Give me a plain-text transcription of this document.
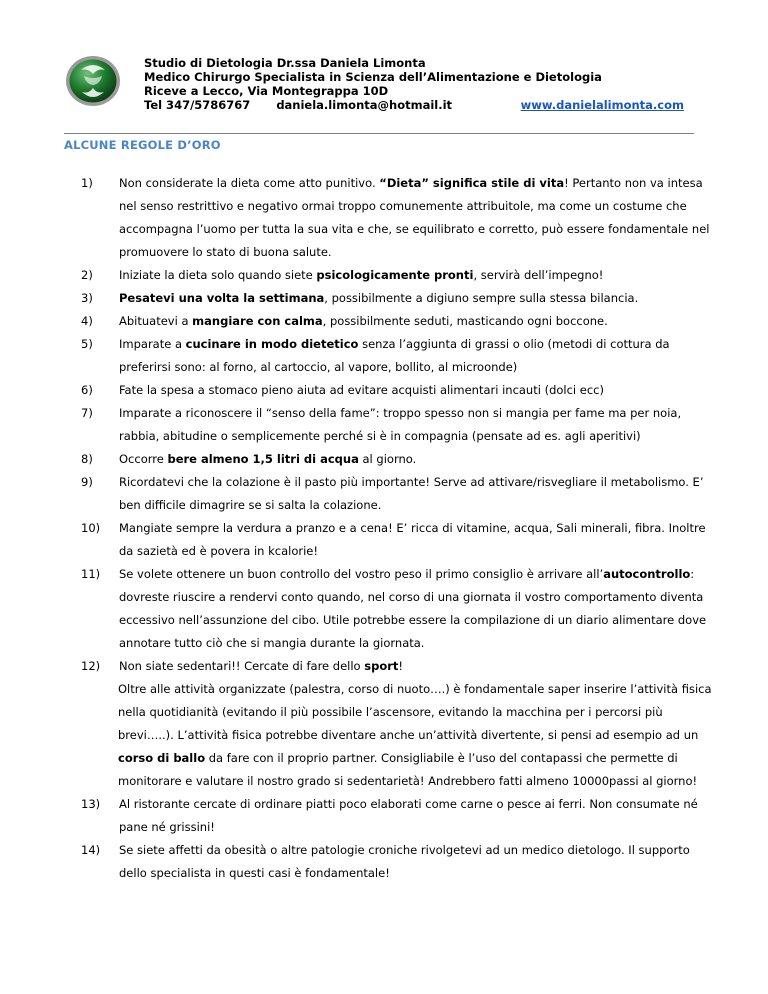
Studio di Dietologia Dr.ssa Daniela Limonta
Medico Chirurgo Specialista in Scienza dell’Alimentazione e Dietologia
Riceve a Lecco, Via Montegrappa 10D
Tel 347/5786767 daniela.limonta@hotmail.it	www.danielalimonta.com
ALCUNE REGOLE D’ORO
1)	Non considerate la dieta come atto punitivo. “Dieta” significa stile di vita! Pertanto non va intesa nel senso restrittivo e negativo ormai troppo comunemente attribuitole, ma come un costume che accompagna l’uomo per tutta la sua vita e che, se equilibrato e corretto, può essere fondamentale nel promuovere lo stato di buona salute.
2)	Iniziate la dieta solo quando siete psicologicamente pronti, servirà dell’impegno!
3)	Pesatevi una volta la settimana, possibilmente a digiuno sempre sulla stessa bilancia.
4)	Abituatevi a mangiare con calma, possibilmente seduti, masticando ogni boccone.
5)	Imparate a cucinare in modo dietetico senza l’aggiunta di grassi o olio (metodi di cottura da preferirsi sono: al forno, al cartoccio, al vapore, bollito, al microonde)
6)	Fate la spesa a stomaco pieno aiuta ad evitare acquisti alimentari incauti (dolci ecc)
7)	Imparate a riconoscere il “senso della fame”: troppo spesso non si mangia per fame ma per noia, rabbia, abitudine o semplicemente perché si è in compagnia (pensate ad es. agli aperitivi)
8)	Occorre bere almeno 1,5 litri di acqua al giorno.
9)	Ricordatevi che la colazione è il pasto più importante! Serve ad attivare/risvegliare il metabolismo. E’ ben difficile dimagrire se si salta la colazione.
10)	Mangiate sempre la verdura a pranzo e a cena! E’ ricca di vitamine, acqua, Sali minerali, fibra. Inoltre da sazietà ed è povera in kcalorie!
11)	Se volete ottenere un buon controllo del vostro peso il primo consiglio è arrivare all’autocontrollo: dovreste riuscire a rendervi conto quando, nel corso di una giornata il vostro comportamento diventa eccessivo nell’assunzione del cibo. Utile potrebbe essere la compilazione di un diario alimentare dove annotare tutto ciò che si mangia durante la giornata.
12)	Non siate sedentari!! Cercate di fare dello sport!
Oltre alle attività organizzate (palestra, corso di nuoto….) è fondamentale saper inserire l’attività fisica nella quotidianità (evitando il più possibile l’ascensore, evitando la macchina per i percorsi più brevi…..). L’attività fisica potrebbe diventare anche un’attività divertente, si pensi ad esempio ad un corso di ballo da fare con il proprio partner. Consigliabile è l’uso del contapassi che permette di monitorare e valutare il nostro grado si sedentarietà! Andrebbero fatti almeno 10000passi al giorno!
13)	Al ristorante cercate di ordinare piatti poco elaborati come carne o pesce ai ferri. Non consumate né pane né grissini!
14)	Se siete affetti da obesità o altre patologie croniche rivolgetevi ad un medico dietologo. Il supporto dello specialista in questi casi è fondamentale!
